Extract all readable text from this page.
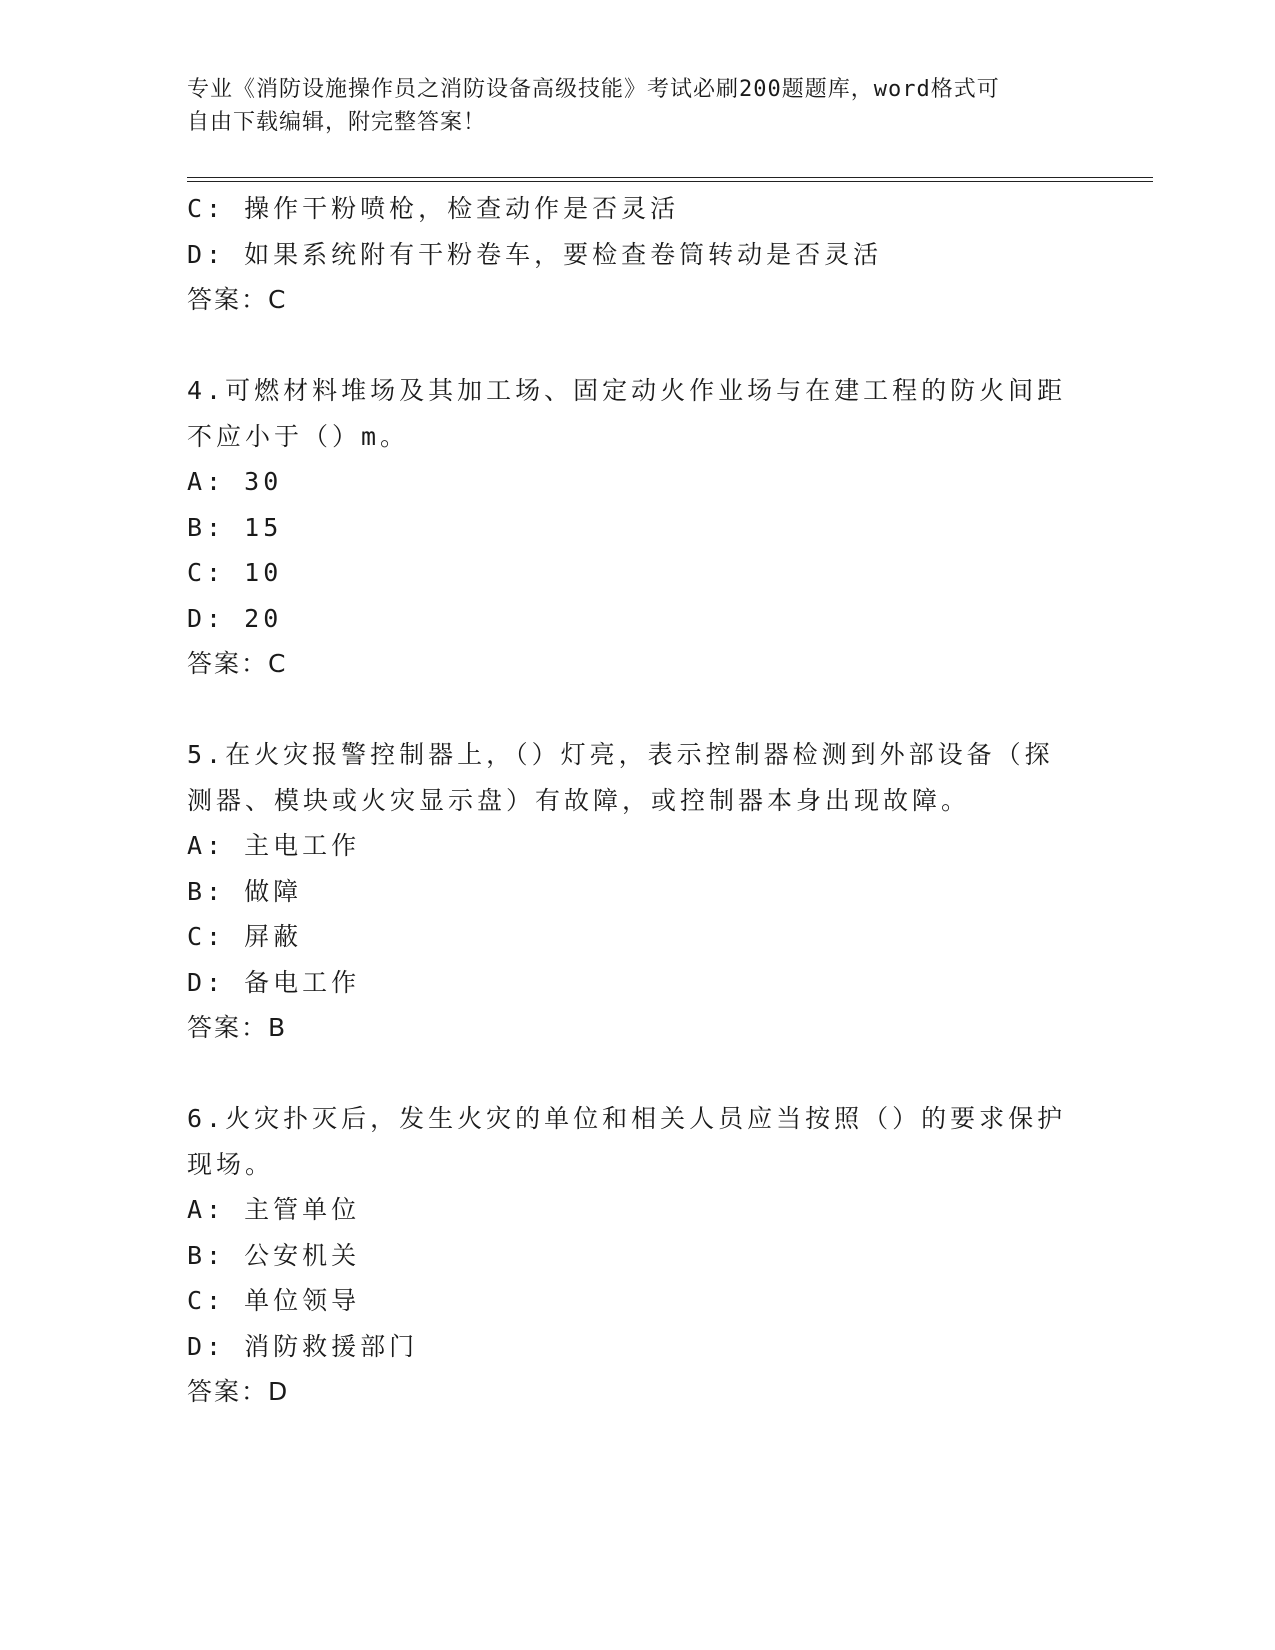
专业《消防设施操作员之消防设备高级技能》考试必刷200题题库，word格式可
自由下载编辑，附完整答案！
C: 操作干粉喷枪，检查动作是否灵活
D: 如果系统附有干粉卷车，要检查卷筒转动是否灵活
答案：C
4.可燃材料堆场及其加工场、固定动火作业场与在建工程的防火间距
不应小于（）m。
A: 30
B: 15
C: 10
D: 20
答案：C
5.在火灾报警控制器上，（）灯亮，表示控制器检测到外部设备（探
测器、模块或火灾显示盘）有故障，或控制器本身出现故障。
A: 主电工作
B: 做障
C: 屏蔽
D: 备电工作
答案：B
6.火灾扑灭后，发生火灾的单位和相关人员应当按照（）的要求保护
现场。
A: 主管单位
B: 公安机关
C: 单位领导
D: 消防救援部门
答案：D
